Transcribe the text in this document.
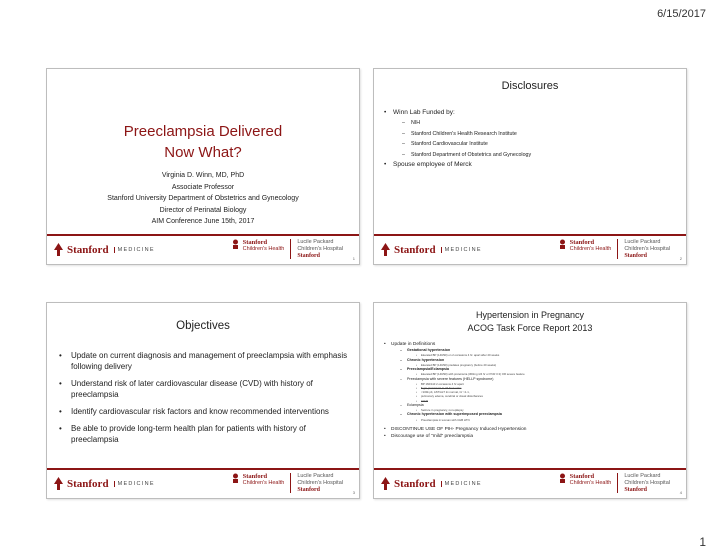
6/15/2017
Preeclampsia Delivered
Now What?
Virginia D. Winn, MD, PhD
Associate Professor
Stanford University Department of Obstetrics and Gynecology
Director of Perinatal Biology
AIM Conference June 15th, 2017
Stanford	MEDICINE
Stanford
Children's Health
Lucile Packard
Children's Hospital
Stanford	1
Disclosures
•	Winn Lab Funded by:
–	NIH
–	Stanford Children's Health Research Institute
–	Stanford Cardiovascular Institute
–	Stanford Department of Obstetrics and Gynecology
•	Spouse employee of Merck
Stanford	MEDICINE
Stanford
Children's Health
Lucile Packard
Children's Hospital
Stanford	2
Objectives
•	Update on current diagnosis and management of preeclampsia with emphasis following delivery
•	Understand risk of later cardiovascular disease (CVD) with history of preeclampsia
•	Identify cardiovascular risk factors and know recommended interventions
•	Be able to provide long-term health plan for patients with history of preeclampsia
Stanford	MEDICINE
Stanford
Children's Health
Lucile Packard
Children's Hospital
Stanford	3
Hypertension in Pregnancy
ACOG Task Force Report 2013
•	Update in Definitions
–	Gestational hypertension
•	Elevated BP (140/90) on 2 occasions 4 hr. apart after 20 weeks
–	Chronic hypertension
•	Elevated BP (140/90) predates pregnancy (before 20 weeks)
–	Preeclampsia/Eclampsia
•	Elevated BP (140/90) with proteinuria (300mg /24 hr or PCR 0.3) OR severe feature
–	Preeclampsia with severe features (HELLP syndrome)
•	BP 160/110 2 occasions 4 hr apart
•	5 gm proteinuria in 24 hour urine
•	<100k plt, AST/ALT 2x normal, Cr >1.1,
•	pulmonary edema, cerebral or visual disturbances
•	IUGR
–	Eclampsia
•	Seizure in pregnancy, not epilepsy
–	Chronic hypertension with superimposed preeclampsia
•	Preeclampsia in woman with CHB HTN
•	DISCONTINUE USE OF PIH- Pregnancy Induced Hypertension
•	Discourage use of "mild" preeclampsia
Stanford	MEDICINE
Stanford
Children's Health
Lucile Packard
Children's Hospital
Stanford	4
1
